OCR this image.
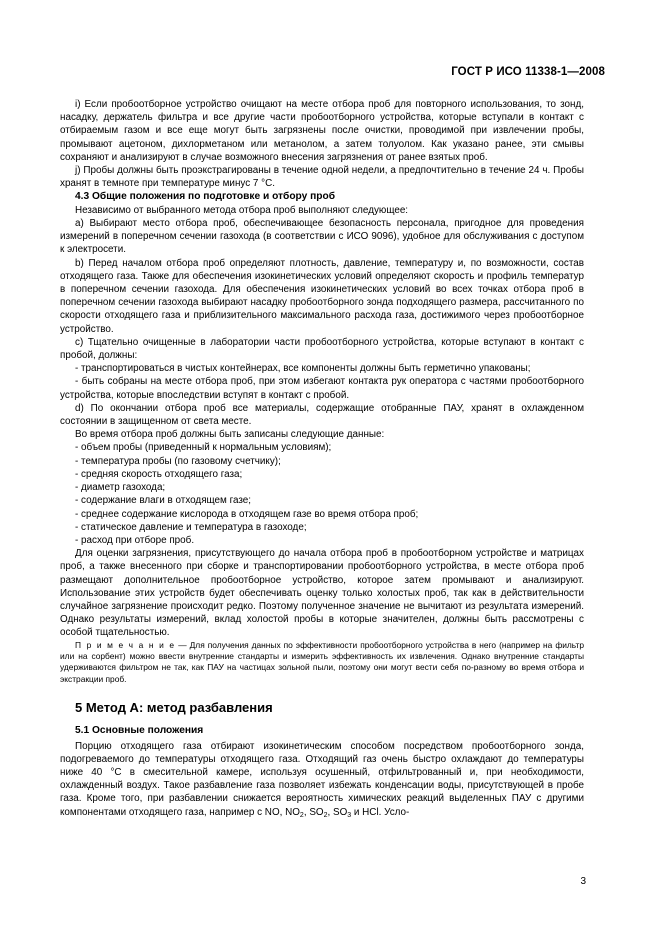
ГОСТ Р ИСО 11338-1—2008

i) Если пробоотборное устройство очищают на месте отбора проб для повторного использования, то зонд, насадку, держатель фильтра и все другие части пробоотборного устройства, которые вступали в контакт с отбираемым газом и все еще могут быть загрязнены после очистки, проводимой при извлечении пробы, промывают ацетоном, дихлорметаном или метанолом, а затем толуолом. Как указано ранее, эти смывы сохраняют и анализируют в случае возможного внесения загрязнения от ранее взятых проб.

j) Пробы должны быть проэкстрагированы в течение одной недели, а предпочтительно в течение 24 ч. Пробы хранят в темноте при температуре минус 7 °С.

4.3 Общие положения по подготовке и отбору проб

Независимо от выбранного метода отбора проб выполняют следующее:

а) Выбирают место отбора проб, обеспечивающее безопасность персонала, пригодное для проведения измерений в поперечном сечении газохода (в соответствии с ИСО 9096), удобное для обслуживания с доступом к электросети.

b) Перед началом отбора проб определяют плотность, давление, температуру и, по возможности, состав отходящего газа. Также для обеспечения изокинетических условий определяют скорость и профиль температур в поперечном сечении газохода. Для обеспечения изокинетических условий во всех точках отбора проб в поперечном сечении газохода выбирают насадку пробоотборного зонда подходящего размера, рассчитанного по скорости отходящего газа и приблизительного максимального расхода газа, достижимого через пробоотборное устройство.

с) Тщательно очищенные в лаборатории части пробоотборного устройства, которые вступают в контакт с пробой, должны:

- транспортироваться в чистых контейнерах, все компоненты должны быть герметично упакованы;

- быть собраны на месте отбора проб, при этом избегают контакта рук оператора с частями пробоотборного устройства, которые впоследствии вступят в контакт с пробой.

d) По окончании отбора проб все материалы, содержащие отобранные ПАУ, хранят в охлажденном состоянии в защищенном от света месте.

Во время отбора проб должны быть записаны следующие данные:

- объем пробы (приведенный к нормальным условиям);
- температура пробы (по газовому счетчику);
- средняя скорость отходящего газа;
- диаметр газохода;
- содержание влаги в отходящем газе;
- среднее содержание кислорода в отходящем газе во время отбора проб;
- статическое давление и температура в газоходе;
- расход при отборе проб.

Для оценки загрязнения, присутствующего до начала отбора проб в пробоотборном устройстве и матрицах проб, а также внесенного при сборке и транспортировании пробоотборного устройства, в месте отбора проб размещают дополнительное пробоотборное устройство, которое затем промывают и анализируют. Использование этих устройств будет обеспечивать оценку только холостых проб, так как в действительности случайное загрязнение происходит редко. Поэтому полученное значение не вычитают из результата измерений. Однако результаты измерений, вклад холостой пробы в которые значителен, должны быть рассмотрены с особой тщательностью.

П р и м е ч а н и е — Для получения данных по эффективности пробоотборного устройства в него (например на фильтр или на сорбент) можно ввести внутренние стандарты и измерить эффективность их извлечения. Однако внутренние стандарты удерживаются фильтром не так, как ПАУ на частицах зольной пыли, поэтому они могут вести себя по-разному во время отбора и экстракции проб.

5 Метод А: метод разбавления
5.1 Основные положения

Порцию отходящего газа отбирают изокинетическим способом посредством пробоотборного зонда, подогреваемого до температуры отходящего газа. Отходящий газ очень быстро охлаждают до температуры ниже 40 °С в смесительной камере, используя осушенный, отфильтрованный и, при необходимости, охлажденный воздух. Такое разбавление газа позволяет избежать конденсации воды, присутствующей в пробе газа. Кроме того, при разбавлении снижается вероятность химических реакций выделенных ПАУ с другими компонентами отходящего газа, например с NO, $NO_2$, $SO_2$, $SO_3$ и HCl. Усло-

3
